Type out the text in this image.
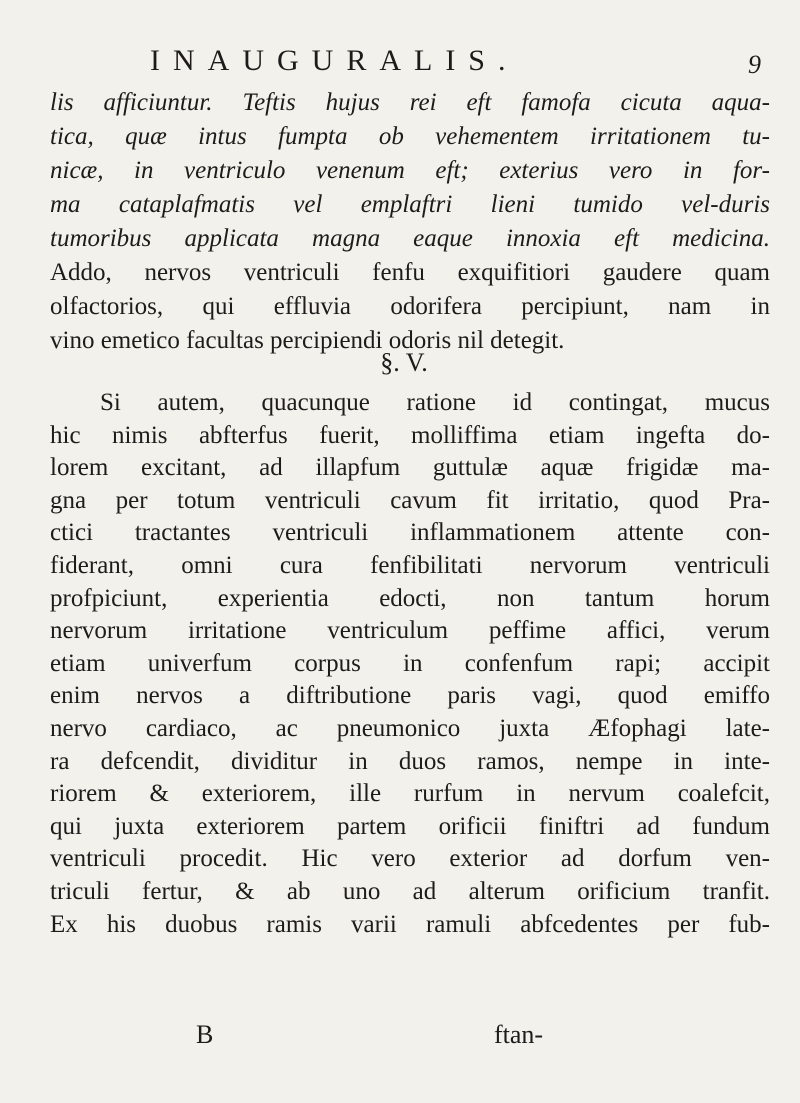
INAUGURALIS.	9
lis afficiuntur. Teftis hujus rei eft famofa cicuta aqua-
tica, quæ intus fumpta ob vehementem irritationem tu-
nicæ, in ventriculo venenum eft; exterius vero in for-
ma cataplafmatis vel emplaftri lieni tumido vel-duris
tumoribus applicata magna eaque innoxia eft medicina.
Addo, nervos ventriculi fenfu exquifitiori gaudere quam
olfactorios, qui effluvia odorifera percipiunt, nam in
vino emetico facultas percipiendi odoris nil detegit.
§. V.
Si autem, quacunque ratione id contingat, mucus
hic nimis abfterfus fuerit, molliffima etiam ingefta do-
lorem excitant, ad illapfum guttulæ aquæ frigidæ ma-
gna per totum ventriculi cavum fit irritatio, quod Pra-
ctici tractantes ventriculi inflammationem attente con-
fiderant, omni cura fenfibilitati nervorum ventriculi
profpiciunt, experientia edocti, non tantum horum
nervorum irritatione ventriculum peffime affici, verum
etiam univerfum corpus in confenfum rapi; accipit
enim nervos a diftributione paris vagi, quod emiffo
nervo cardiaco, ac pneumonico juxta Æfophagi late-
ra defcendit, dividitur in duos ramos, nempe in inte-
riorem & exteriorem, ille rurfum in nervum coalefcit,
qui juxta exteriorem partem orificii finiftri ad fundum
ventriculi procedit. Hic vero exterior ad dorfum ven-
triculi fertur, & ab uno ad alterum orificium tranfit.
Ex his duobus ramis varii ramuli abfcedentes per fub-
B	ftan-
